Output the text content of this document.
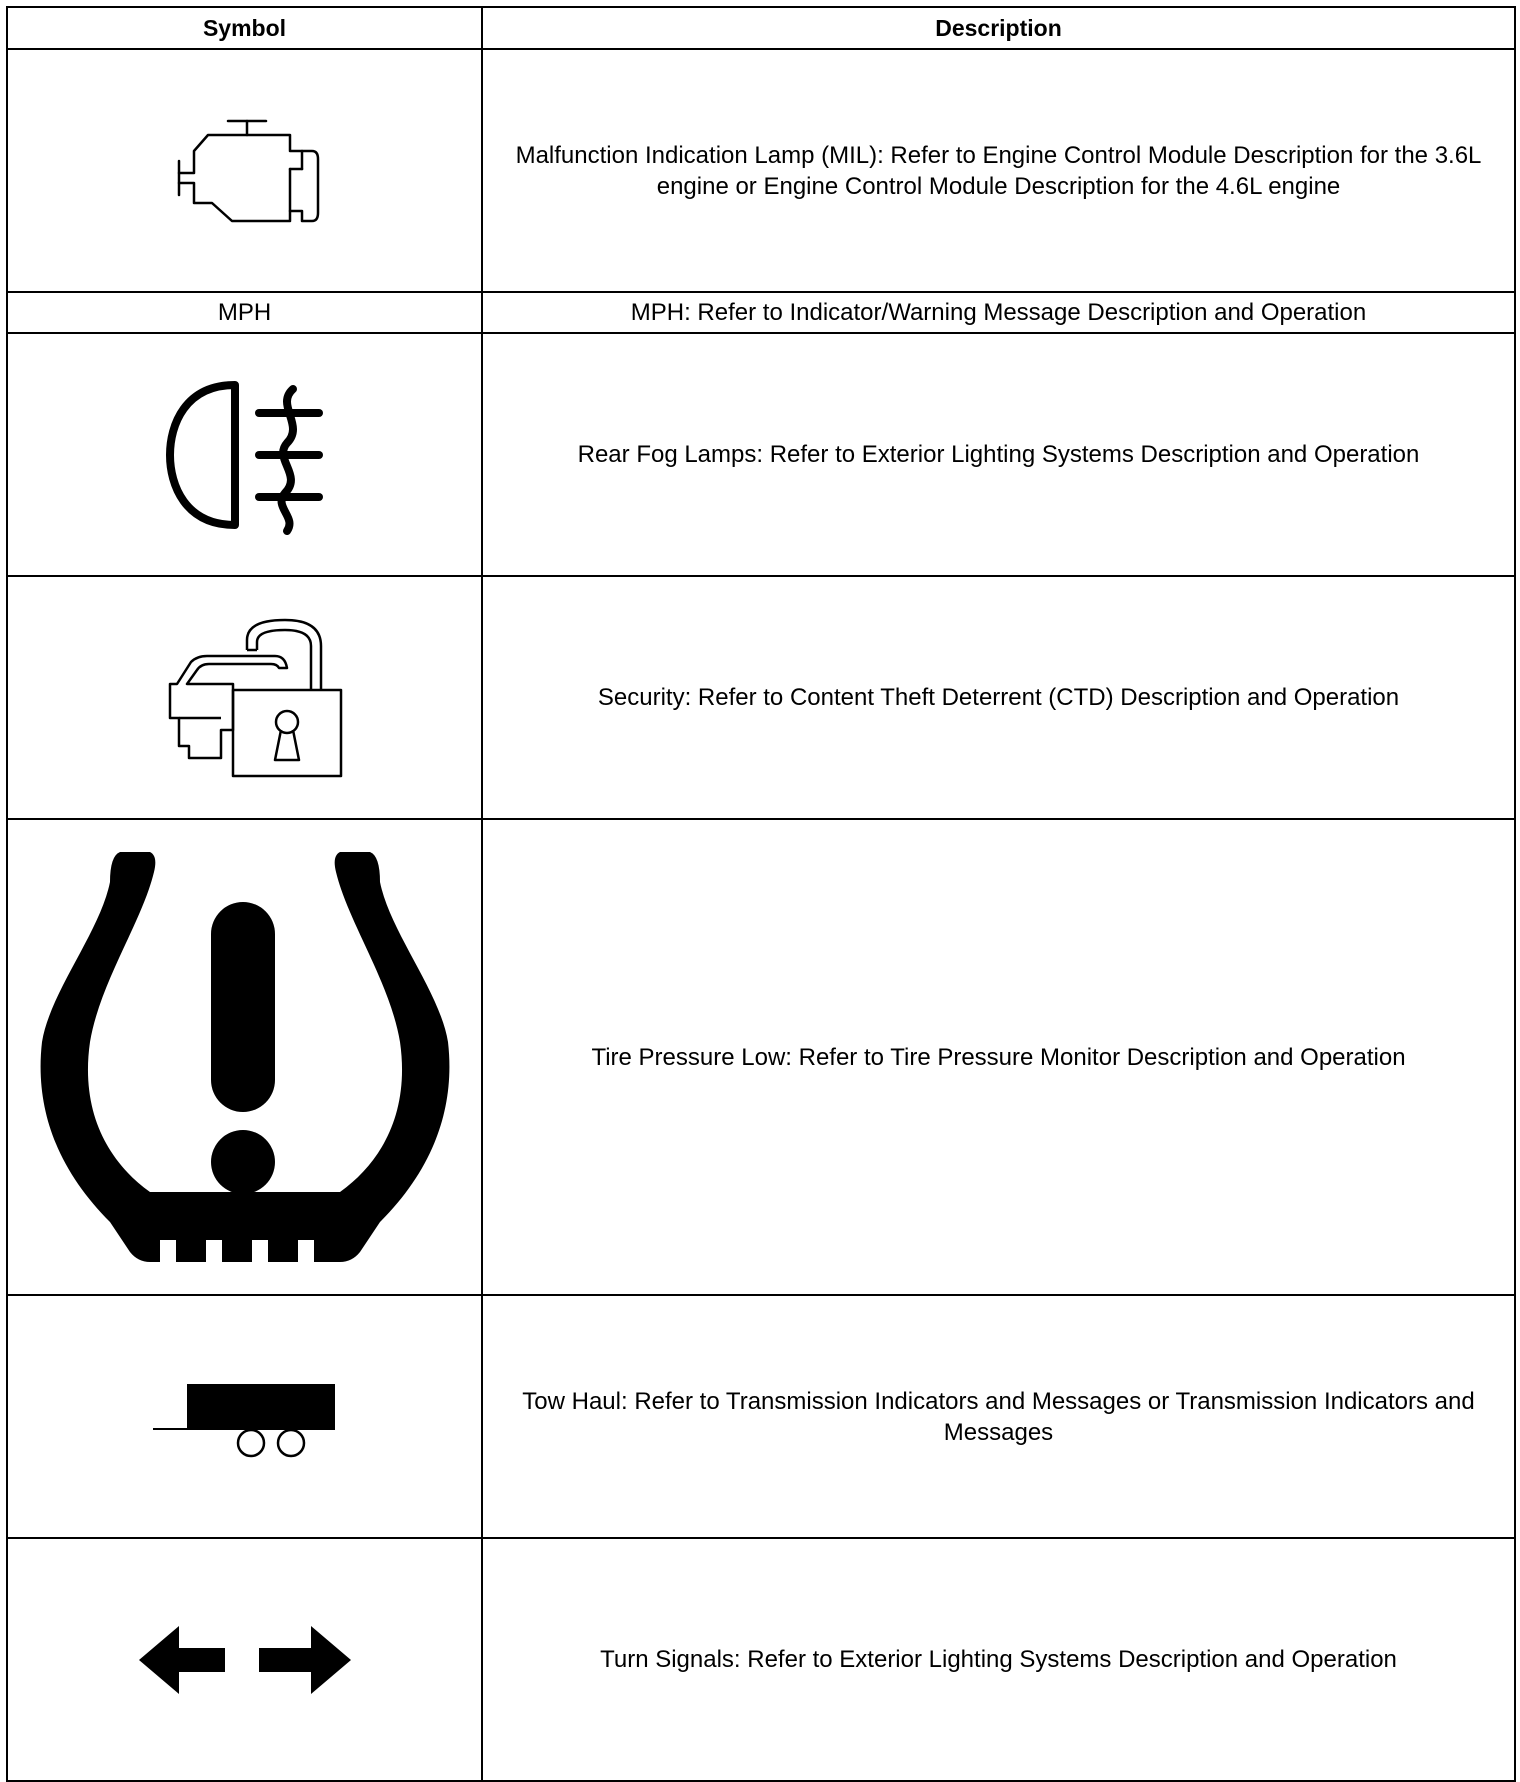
Symbol	Description

	Malfunction Indication Lamp (MIL): Refer to Engine Control Module Description for the 3.6L engine or Engine Control Module Description for the 4.6L engine
MPH	MPH: Refer to Indicator/Warning Message Description and Operation

	Rear Fog Lamps: Refer to Exterior Lighting Systems Description and Operation

	Security: Refer to Content Theft Deterrent (CTD) Description and Operation

	Tire Pressure Low: Refer to Tire Pressure Monitor Description and Operation

	Tow Haul: Refer to Transmission Indicators and Messages or Transmission Indicators and Messages

	Turn Signals: Refer to Exterior Lighting Systems Description and Operation
